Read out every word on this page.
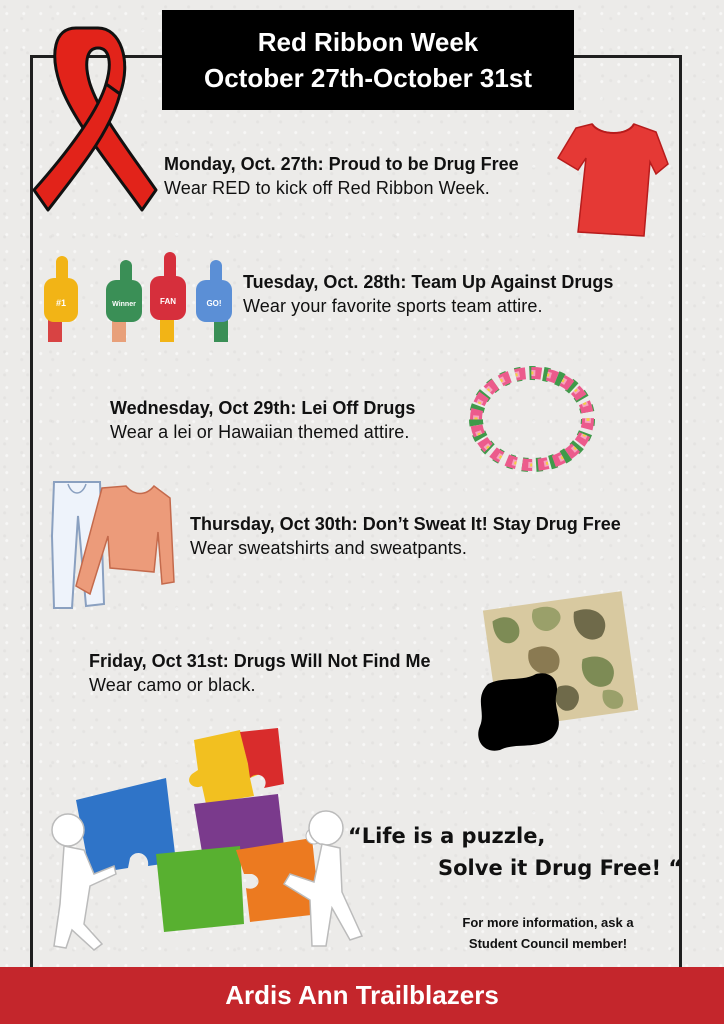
Red Ribbon Week
October 27th-October 31st
Monday, Oct. 27th: Proud to be Drug Free
Wear RED to kick off Red Ribbon Week.
#1	Winner	FAN	GO!
Tuesday, Oct. 28th: Team Up Against Drugs
Wear your favorite sports team attire.
Wednesday, Oct 29th: Lei Off Drugs
Wear a lei or Hawaiian themed attire.
Thursday, Oct 30th: Don’t Sweat It! Stay Drug Free
Wear sweatshirts and sweatpants.
Friday, Oct 31st: Drugs Will Not Find Me
Wear camo or black.
“Life is a puzzle,
Solve it Drug Free! “
For more information, ask a
Student Council member!
Ardis Ann Trailblazers
